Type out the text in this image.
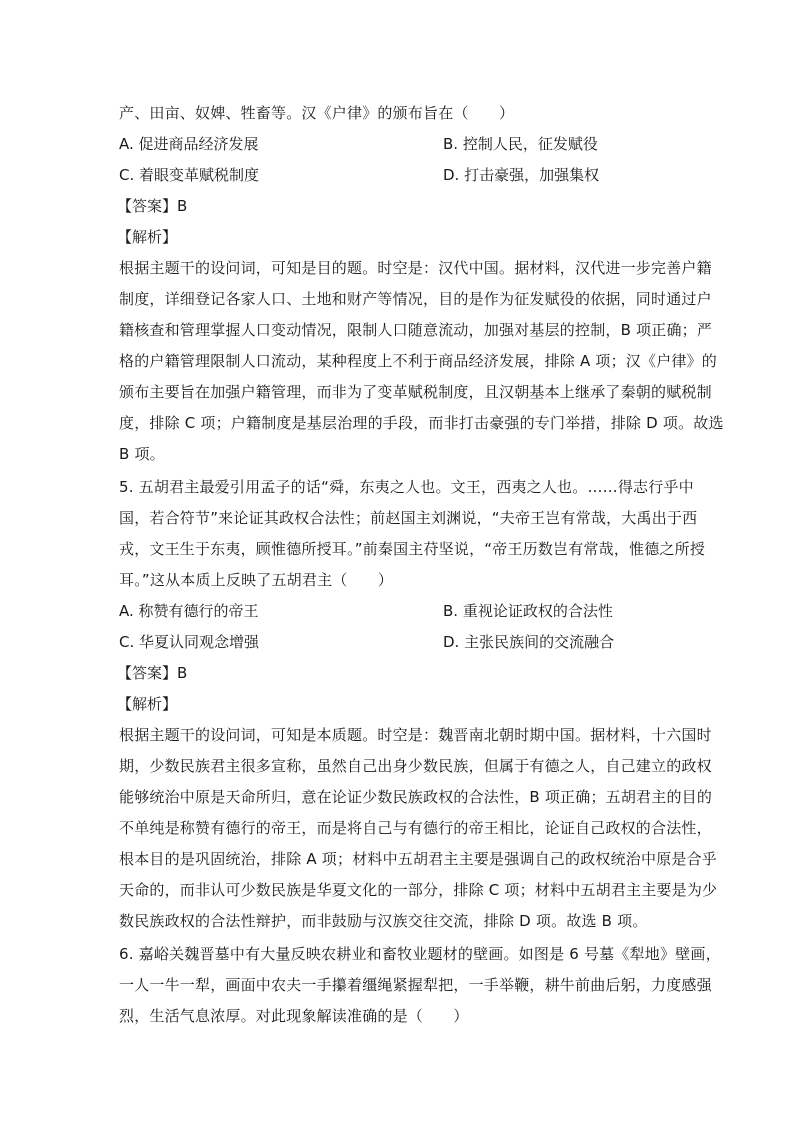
产、田亩、奴婢、牲畜等。汉《户律》的颁布旨在（　　）
A. 促进商品经济发展	B. 控制人民，征发赋役
C. 着眼变革赋税制度	D. 打击豪强，加强集权
【答案】B
【解析】
根据主题干的设问词，可知是目的题。时空是：汉代中国。据材料，汉代进一步完善户籍
制度，详细登记各家人口、土地和财产等情况，目的是作为征发赋役的依据，同时通过户
籍核查和管理掌握人口变动情况，限制人口随意流动，加强对基层的控制，B 项正确；严
格的户籍管理限制人口流动，某种程度上不利于商品经济发展，排除 A 项；汉《户律》的
颁布主要旨在加强户籍管理，而非为了变革赋税制度，且汉朝基本上继承了秦朝的赋税制
度，排除 C 项；户籍制度是基层治理的手段，而非打击豪强的专门举措，排除 D 项。故选
B 项。
5. 五胡君主最爱引用孟子的话“舜，东夷之人也。文王，西夷之人也。……得志行乎中
国，若合符节”来论证其政权合法性；前赵国主刘渊说，“夫帝王岂有常哉，大禹出于西
戎，文王生于东夷，顾惟德所授耳。”前秦国主苻坚说，“帝王历数岂有常哉，惟德之所授
耳。”这从本质上反映了五胡君主（　　）
A. 称赞有德行的帝王	B. 重视论证政权的合法性
C. 华夏认同观念增强	D. 主张民族间的交流融合
【答案】B
【解析】
根据主题干的设问词，可知是本质题。时空是：魏晋南北朝时期中国。据材料，十六国时
期，少数民族君主很多宣称，虽然自己出身少数民族，但属于有德之人，自己建立的政权
能够统治中原是天命所归，意在论证少数民族政权的合法性，B 项正确；五胡君主的目的
不单纯是称赞有德行的帝王，而是将自己与有德行的帝王相比，论证自己政权的合法性，
根本目的是巩固统治，排除 A 项；材料中五胡君主主要是强调自己的政权统治中原是合乎
天命的，而非认可少数民族是华夏文化的一部分，排除 C 项；材料中五胡君主主要是为少
数民族政权的合法性辩护，而非鼓励与汉族交往交流，排除 D 项。故选 B 项。
6. 嘉峪关魏晋墓中有大量反映农耕业和畜牧业题材的壁画。如图是 6 号墓《犁地》壁画，
一人一牛一犁，画面中农夫一手攥着缰绳紧握犁把，一手举鞭，耕牛前曲后躬，力度感强
烈，生活气息浓厚。对此现象解读准确的是（　　）
